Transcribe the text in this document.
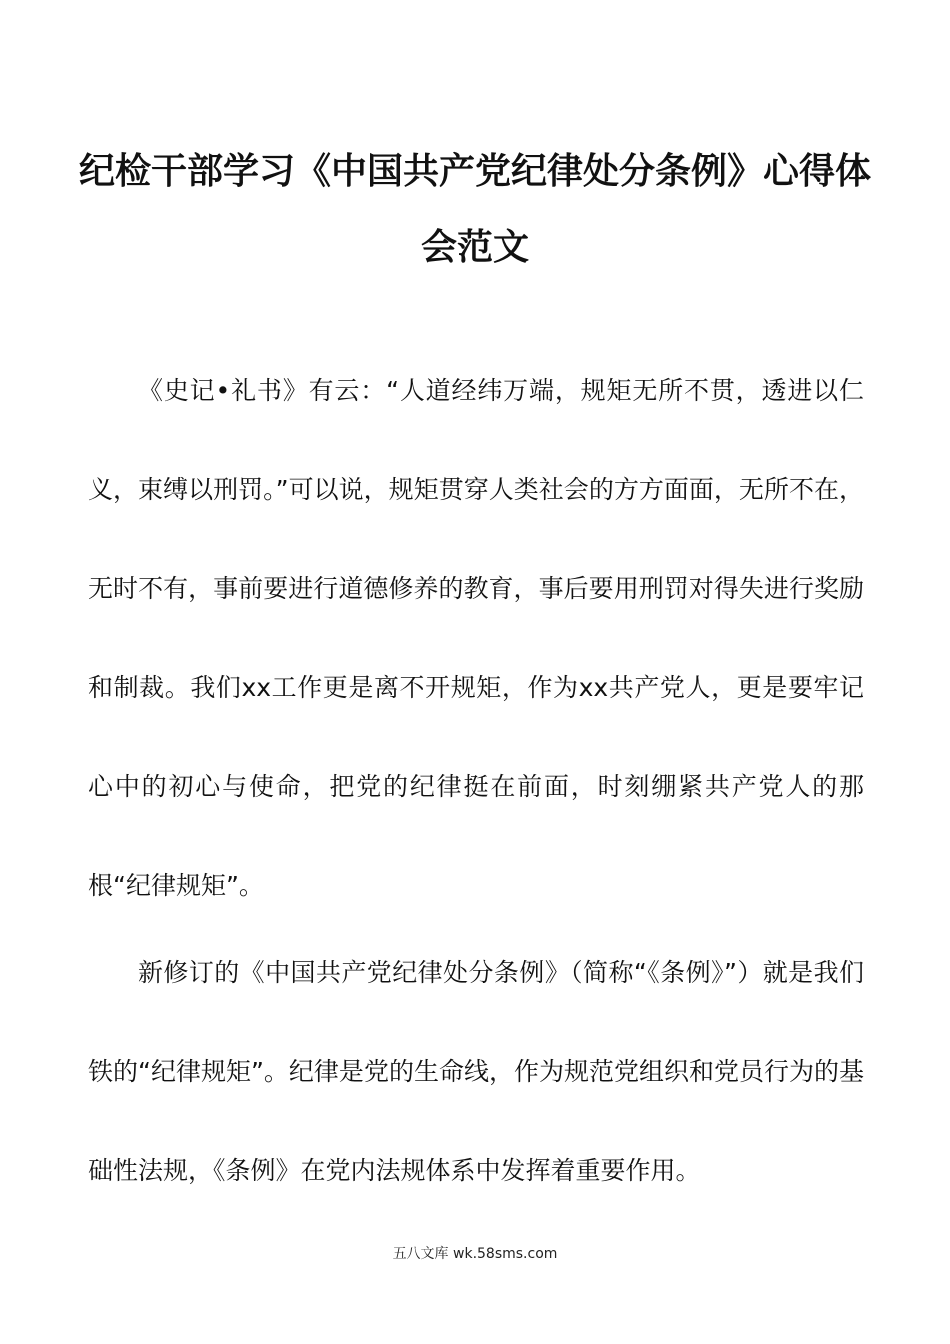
纪检干部学习《中国共产党纪律处分条例》心得体
会范文

《史记•礼书》有云：“人道经纬万端，规矩无所不贯，透进以仁义，束缚以刑罚。”可以说，规矩贯穿人类社会的方方面面，无所不在，无时不有，事前要进行道德修养的教育，事后要用刑罚对得失进行奖励和制裁。我们xx工作更是离不开规矩，作为xx共产党人，更是要牢记心中的初心与使命，把党的纪律挺在前面，时刻绷紧共产党人的那根“纪律规矩”。

新修订的《中国共产党纪律处分条例》（简称“《条例》”）就是我们铁的“纪律规矩”。纪律是党的生命线，作为规范党组织和党员行为的基础性法规，《条例》在党内法规体系中发挥着重要作用。

五八文库 wk.58sms.com
